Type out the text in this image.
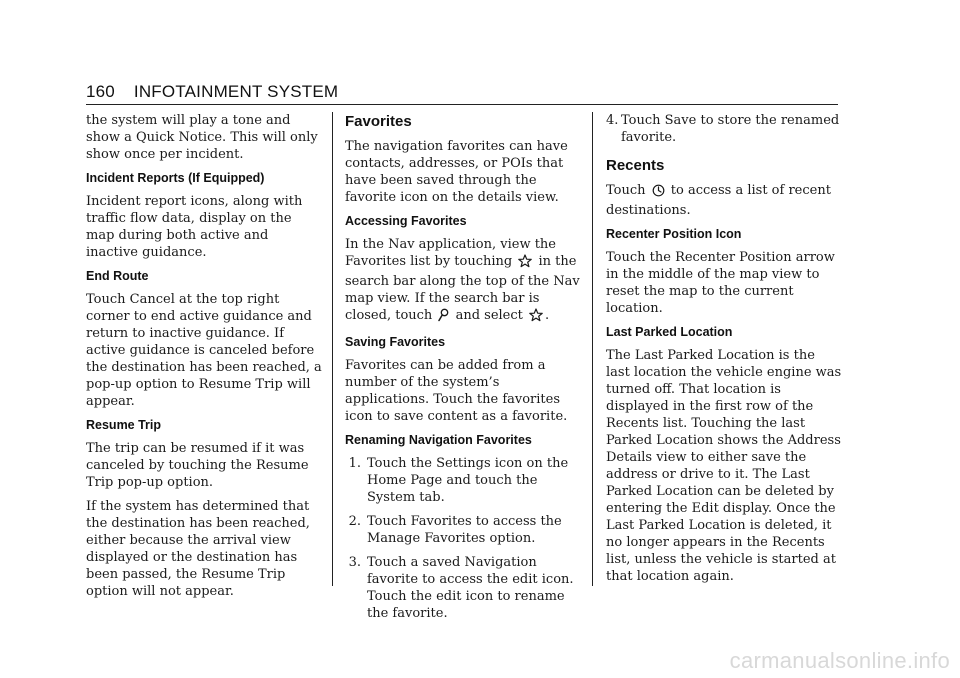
160 INFOTAINMENT SYSTEM

the system will play a tone and show a Quick Notice. This will only show once per incident.

Incident Reports (If Equipped)

Incident report icons, along with traffic flow data, display on the map during both active and inactive guidance.

End Route

Touch Cancel at the top right corner to end active guidance and return to inactive guidance. If active guidance is canceled before the destination has been reached, a pop-up option to Resume Trip will appear.

Resume Trip

The trip can be resumed if it was canceled by touching the Resume Trip pop-up option.

If the system has determined that the destination has been reached, either because the arrival view displayed or the destination has been passed, the Resume Trip option will not appear.

Favorites

The navigation favorites can have contacts, addresses, or POIs that have been saved through the favorite icon on the details view.

Accessing Favorites

In the Nav application, view the Favorites list by touching in the search bar along the top of the Nav map view. If the search bar is closed, touch and select .

Saving Favorites

Favorites can be added from a number of the system’s applications. Touch the favorites icon to save content as a favorite.

Renaming Navigation Favorites
1. Touch the Settings icon on the Home Page and touch the System tab.
2. Touch Favorites to access the Manage Favorites option.
3. Touch a saved Navigation favorite to access the edit icon. Touch the edit icon to rename the favorite.
4. Touch Save to store the renamed favorite.
Recents

Touch to access a list of recent destinations.

Recenter Position Icon

Touch the Recenter Position arrow in the middle of the map view to reset the map to the current location.

Last Parked Location

The Last Parked Location is the last location the vehicle engine was turned off. That location is displayed in the first row of the Recents list. Touching the last Parked Location shows the Address Details view to either save the address or drive to it. The Last Parked Location can be deleted by entering the Edit display. Once the Last Parked Location is deleted, it no longer appears in the Recents list, unless the vehicle is started at that location again.

carmanualsonline.info
